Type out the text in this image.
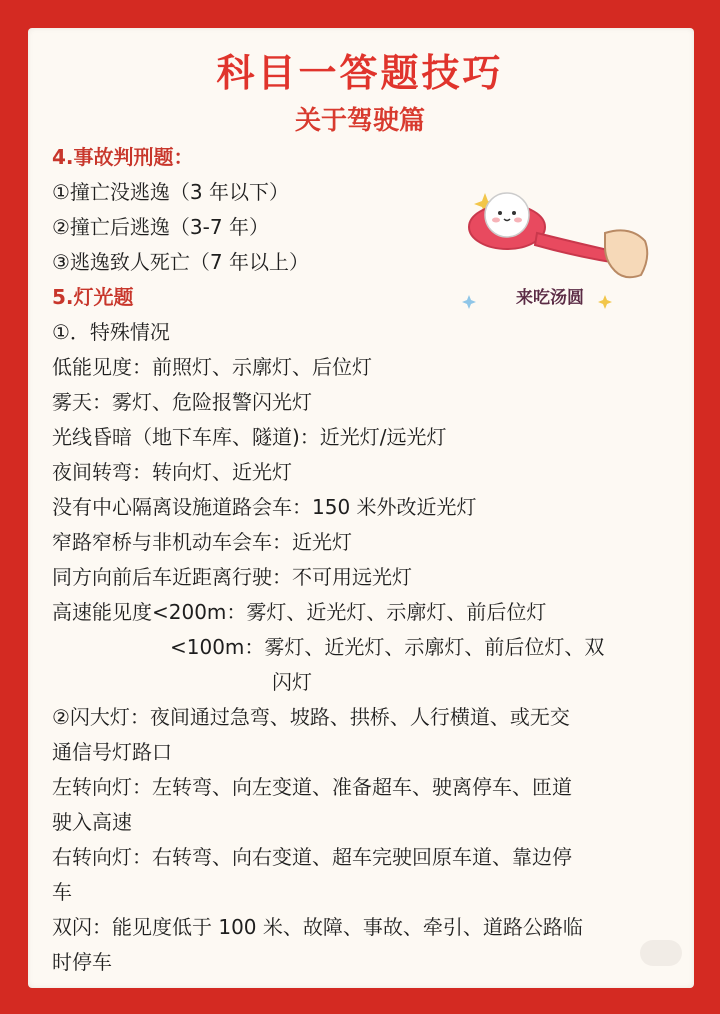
科目一答题技巧
关于驾驶篇
来吃汤圆
4.事故判刑题：
①撞亡没逃逸（3 年以下）
②撞亡后逃逸（3-7 年）
③逃逸致人死亡（7 年以上）
5.灯光题
①．特殊情况
低能见度：前照灯、示廓灯、后位灯
雾天：雾灯、危险报警闪光灯
光线昏暗（地下车库、隧道)：近光灯/远光灯
夜间转弯：转向灯、近光灯
没有中心隔离设施道路会车：150 米外改近光灯
窄路窄桥与非机动车会车：近光灯
同方向前后车近距离行驶：不可用远光灯
高速能见度<200m：雾灯、近光灯、示廓灯、前后位灯
<100m：雾灯、近光灯、示廓灯、前后位灯、双
闪灯
②闪大灯：夜间通过急弯、坡路、拱桥、人行横道、或无交
通信号灯路口
左转向灯：左转弯、向左变道、准备超车、驶离停车、匝道
驶入高速
右转向灯：右转弯、向右变道、超车完驶回原车道、靠边停
车
双闪：能见度低于 100 米、故障、事故、牵引、道路公路临
时停车
